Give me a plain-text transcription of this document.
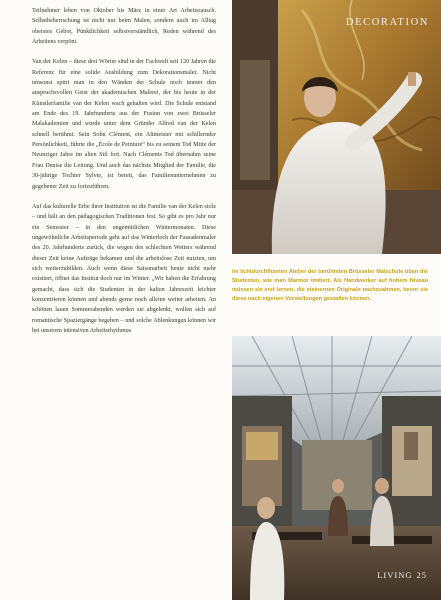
Teilnehmer leben von Oktober bis März in einer Art Arbeitsrausch. Selbstbeherrschung ist nicht nur beim Malen, sondern auch im Alltag oberstes Gebot, Pünktlichkeit selbstverständlich, Reden während des Arbeitens verpönt.

Van der Kelen – diese drei Wörter sind in der Fachwelt seit 120 Jahren die Referenz für eine solide Ausbildung zum Dekorationsmaler. Nicht umsonst spürt man in den Wänden der Schule noch immer den anspruchsvollen Geist der akademischen Malerei, der bis heute in der Künstlerfamilie van der Kelen wach gehalten wird. Die Schule entstand am Ende des 19. Jahrhunderts aus der Fusion von zwei Brüsseler Malakademien und wurde unter dem Gründer Alfred van der Kelen schnell berühmt. Sein Sohn Clément, ein Altmeister mit schillernder Persönlichkeit, führte die „École de Peinture“ bis zu seinem Tod Mitte der Neunziger Jahre im alten Stil fort. Nach Cléments Tod übernahm seine Frau Denise die Leitung. Und auch das nächste Mitglied der Familie, die 30-jährige Tochter Sylvie, ist bereit, das Familienunternehmen zu gegebener Zeit zu fortzuführen.

Auf das kulturelle Erbe ihrer Institution ist die Familie van der Kelen stolz – und hält an den pädagogischen Traditionen fest. So gibt es pro Jahr nur ein Semester – in den ungemütlichen Wintermonaten. Diese ungewöhnliche Arbeitsperiode geht auf das Winterloch der Fassadenmaler des 20. Jahrhunderts zurück, die wegen des schlechten Wetters während dieser Zeit keine Aufträge bekamen und die arbeitslose Zeit nutzten, um sich weiterzubilden. Auch wenn diese Saisonarbeit heute nicht mehr existiert, öffnet das Institut doch nur im Winter. „Wir haben die Erfahrung gemacht, dass sich die Studenten in der kalten Jahreszeit leichter konzentrieren können und abends gerne noch alleine weiter arbeiten. An schönen lauen Sommerabenden werden sie abgelenkt, wollen sich auf romantische Spaziergänge begeben – und solche Ablenkungen können wir bei unserem intensiven Arbeitsrhythmus

DECORATION
Im lichtdurchfluteten Atelier der berühmten Brüsseler Malschule üben die Studenten, wie man Marmor imitiert. Als Handwerker auf hohem Niveau müssen sie erst lernen, die steinernen Originale nachzuahmen, bevor sie diese nach eigenen Vorstellungen gestalten können.
LIVING 25
